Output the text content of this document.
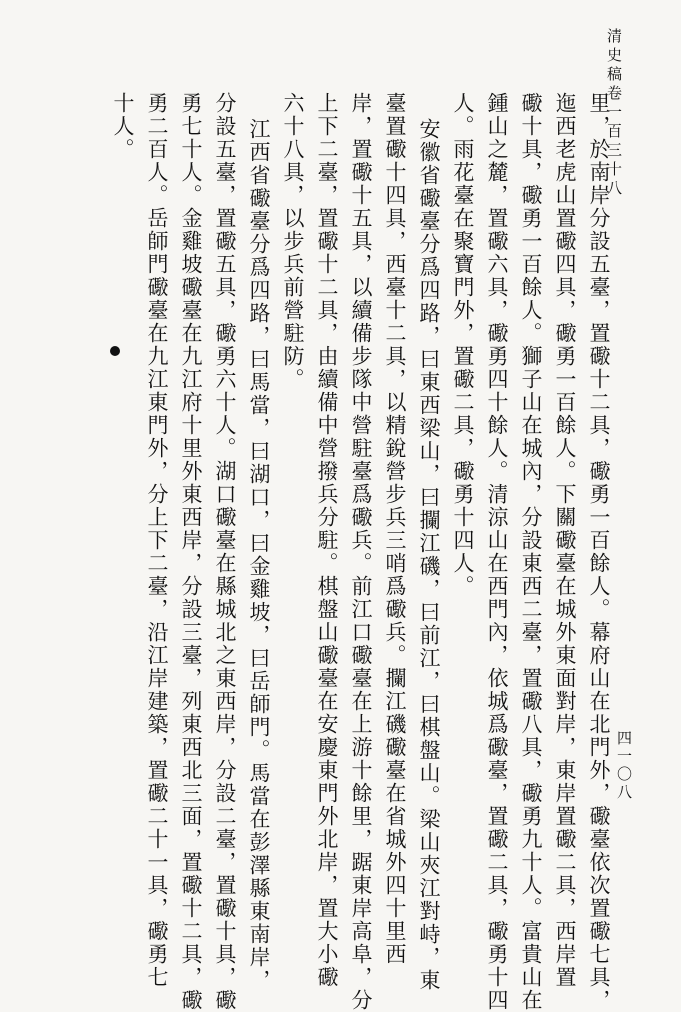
清史稿卷一百三十八
里，於南岸分設五臺，置礮十二具，礮勇一百餘人。幕府山在北門外，礮臺依次置礮七具，
迤西老虎山置礮四具，礮勇一百餘人。下關礮臺在城外東面對岸，東岸置礮二具，西岸置
礮十具，礮勇一百餘人。獅子山在城內，分設東西二臺，置礮八具，礮勇九十人。富貴山在
鍾山之麓，置礮六具，礮勇四十餘人。清涼山在西門內，依城爲礮臺，置礮二具，礮勇十四
人。雨花臺在聚寶門外，置礮二具，礮勇十四人。
安徽省礮臺分爲四路，曰東西梁山，曰攔江磯，曰前江，曰棋盤山。梁山夾江對峙，東
臺置礮十四具，西臺十二具，以精銳營步兵三哨爲礮兵。攔江磯礮臺在省城外四十里西
岸，置礮十五具，以續備步隊中營駐臺爲礮兵。前江口礮臺在上游十餘里，踞東岸高阜，分
上下二臺，置礮十二具，由續備中營撥兵分駐。棋盤山礮臺在安慶東門外北岸，置大小礮
六十八具，以步兵前營駐防。
江西省礮臺分爲四路，曰馬當，曰湖口，曰金雞坡，曰岳師門。馬當在彭澤縣東南岸，
分設五臺，置礮五具，礮勇六十人。湖口礮臺在縣城北之東西岸，分設二臺，置礮十具，礮
勇七十人。金雞坡礮臺在九江府十里外東西岸，分設三臺，列東西北三面，置礮十二具，礮
勇二百人。岳師門礮臺在九江東門外，分上下二臺，沿江岸建築，置礮二十一具，礮勇七
十人。
四一〇八
